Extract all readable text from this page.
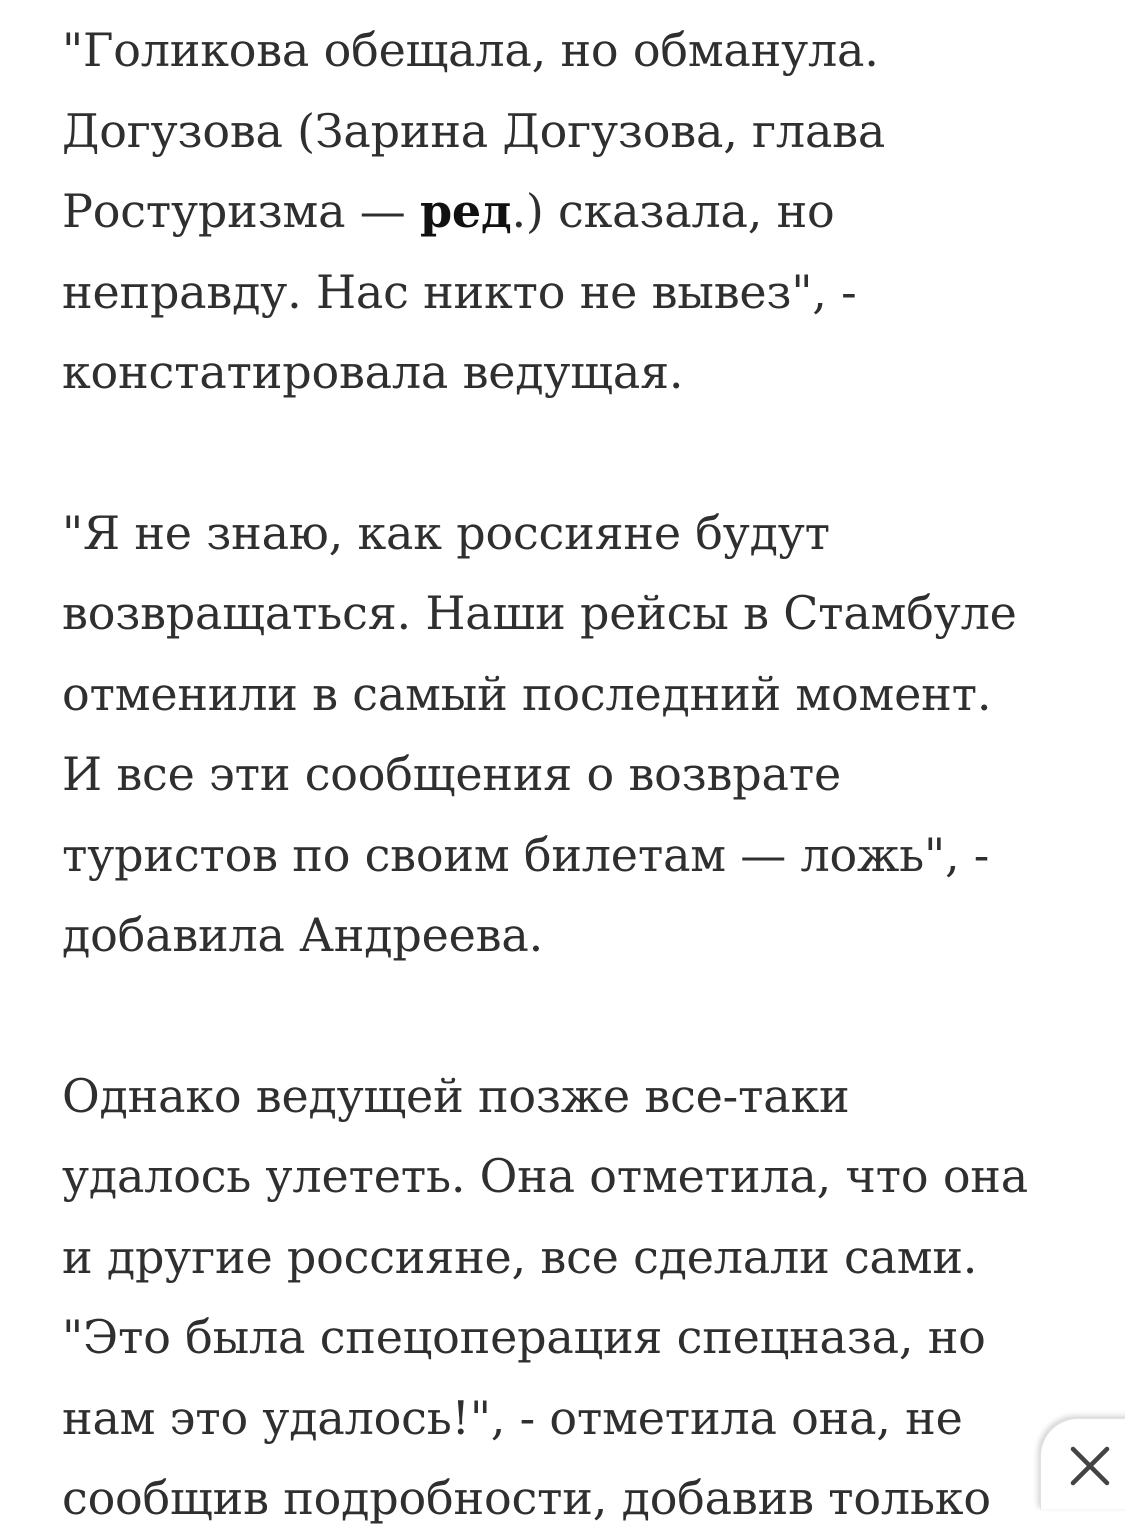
"Голикова обещала, но обманула.
Догузова (Зарина Догузова, глава
Ростуризма — ред.) сказала, но
неправду. Нас никто не вывез", -
констатировала ведущая.

"Я не знаю, как россияне будут
возвращаться. Наши рейсы в Стамбуле
отменили в самый последний момент.
И все эти сообщения о возврате
туристов по своим билетам — ложь", -
добавила Андреева.

Однако ведущей позже все-таки
удалось улететь. Она отметила, что она
и другие россияне, все сделали сами.
"Это была спецоперация спецназа, но
нам это удалось!", - отметила она, не
сообщив подробности, добавив только
